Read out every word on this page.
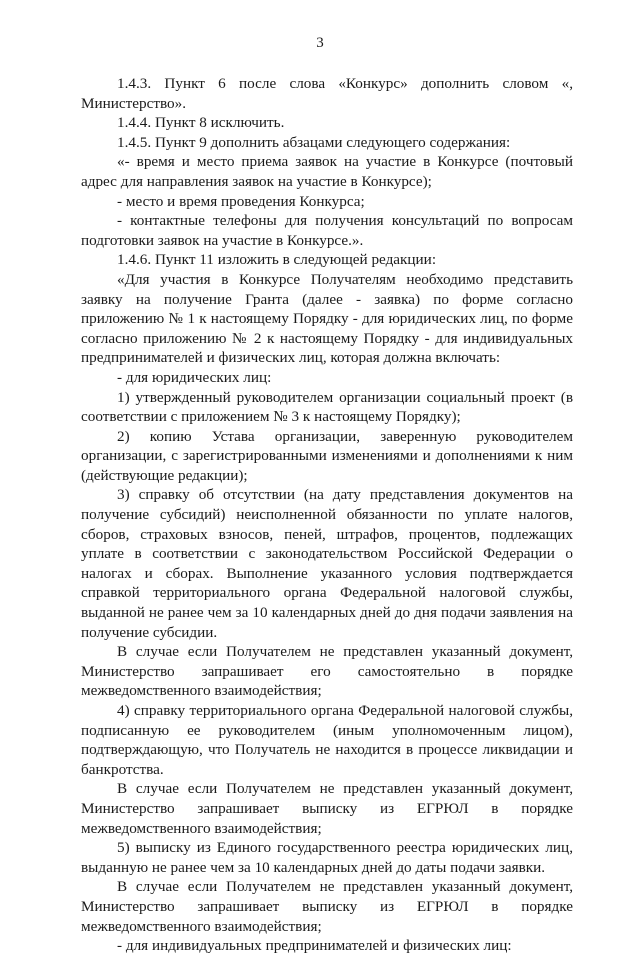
3

1.4.3. Пункт 6 после слова «Конкурс» дополнить словом «, Министерство».

1.4.4. Пункт 8 исключить.

1.4.5. Пункт 9 дополнить абзацами следующего содержания:

«- время и место приема заявок на участие в Конкурсе (почтовый адрес для направления заявок на участие в Конкурсе);

- место и время проведения Конкурса;

- контактные телефоны для получения консультаций по вопросам подготовки заявок на участие в Конкурсе.».

1.4.6. Пункт 11 изложить в следующей редакции:

«Для участия в Конкурсе Получателям необходимо представить заявку на получение Гранта (далее - заявка) по форме согласно приложению № 1 к настоящему Порядку - для юридических лиц, по форме согласно приложению № 2 к настоящему Порядку - для индивидуальных предпринимателей и физических лиц, которая должна включать:

- для юридических лиц:

1) утвержденный руководителем организации социальный проект (в соответствии с приложением № 3 к настоящему Порядку);

2) копию Устава организации, заверенную руководителем организации, с зарегистрированными изменениями и дополнениями к ним (действующие редакции);

3) справку об отсутствии (на дату представления документов на получение субсидий) неисполненной обязанности по уплате налогов, сборов, страховых взносов, пеней, штрафов, процентов, подлежащих уплате в соответствии с законодательством Российской Федерации о налогах и сборах. Выполнение указанного условия подтверждается справкой территориального органа Федеральной налоговой службы, выданной не ранее чем за 10 календарных дней до дня подачи заявления на получение субсидии.

В случае если Получателем не представлен указанный документ, Министерство запрашивает его самостоятельно в порядке межведомственного взаимодействия;

4) справку территориального органа Федеральной налоговой службы, подписанную ее руководителем (иным уполномоченным лицом), подтверждающую, что Получатель не находится в процессе ликвидации и банкротства.

В случае если Получателем не представлен указанный документ, Министерство запрашивает выписку из ЕГРЮЛ в порядке межведомственного взаимодействия;

5) выписку из Единого государственного реестра юридических лиц, выданную не ранее чем за 10 календарных дней до даты подачи заявки.

В случае если Получателем не представлен указанный документ, Министерство запрашивает выписку из ЕГРЮЛ в порядке межведомственного взаимодействия;

- для индивидуальных предпринимателей и физических лиц:
